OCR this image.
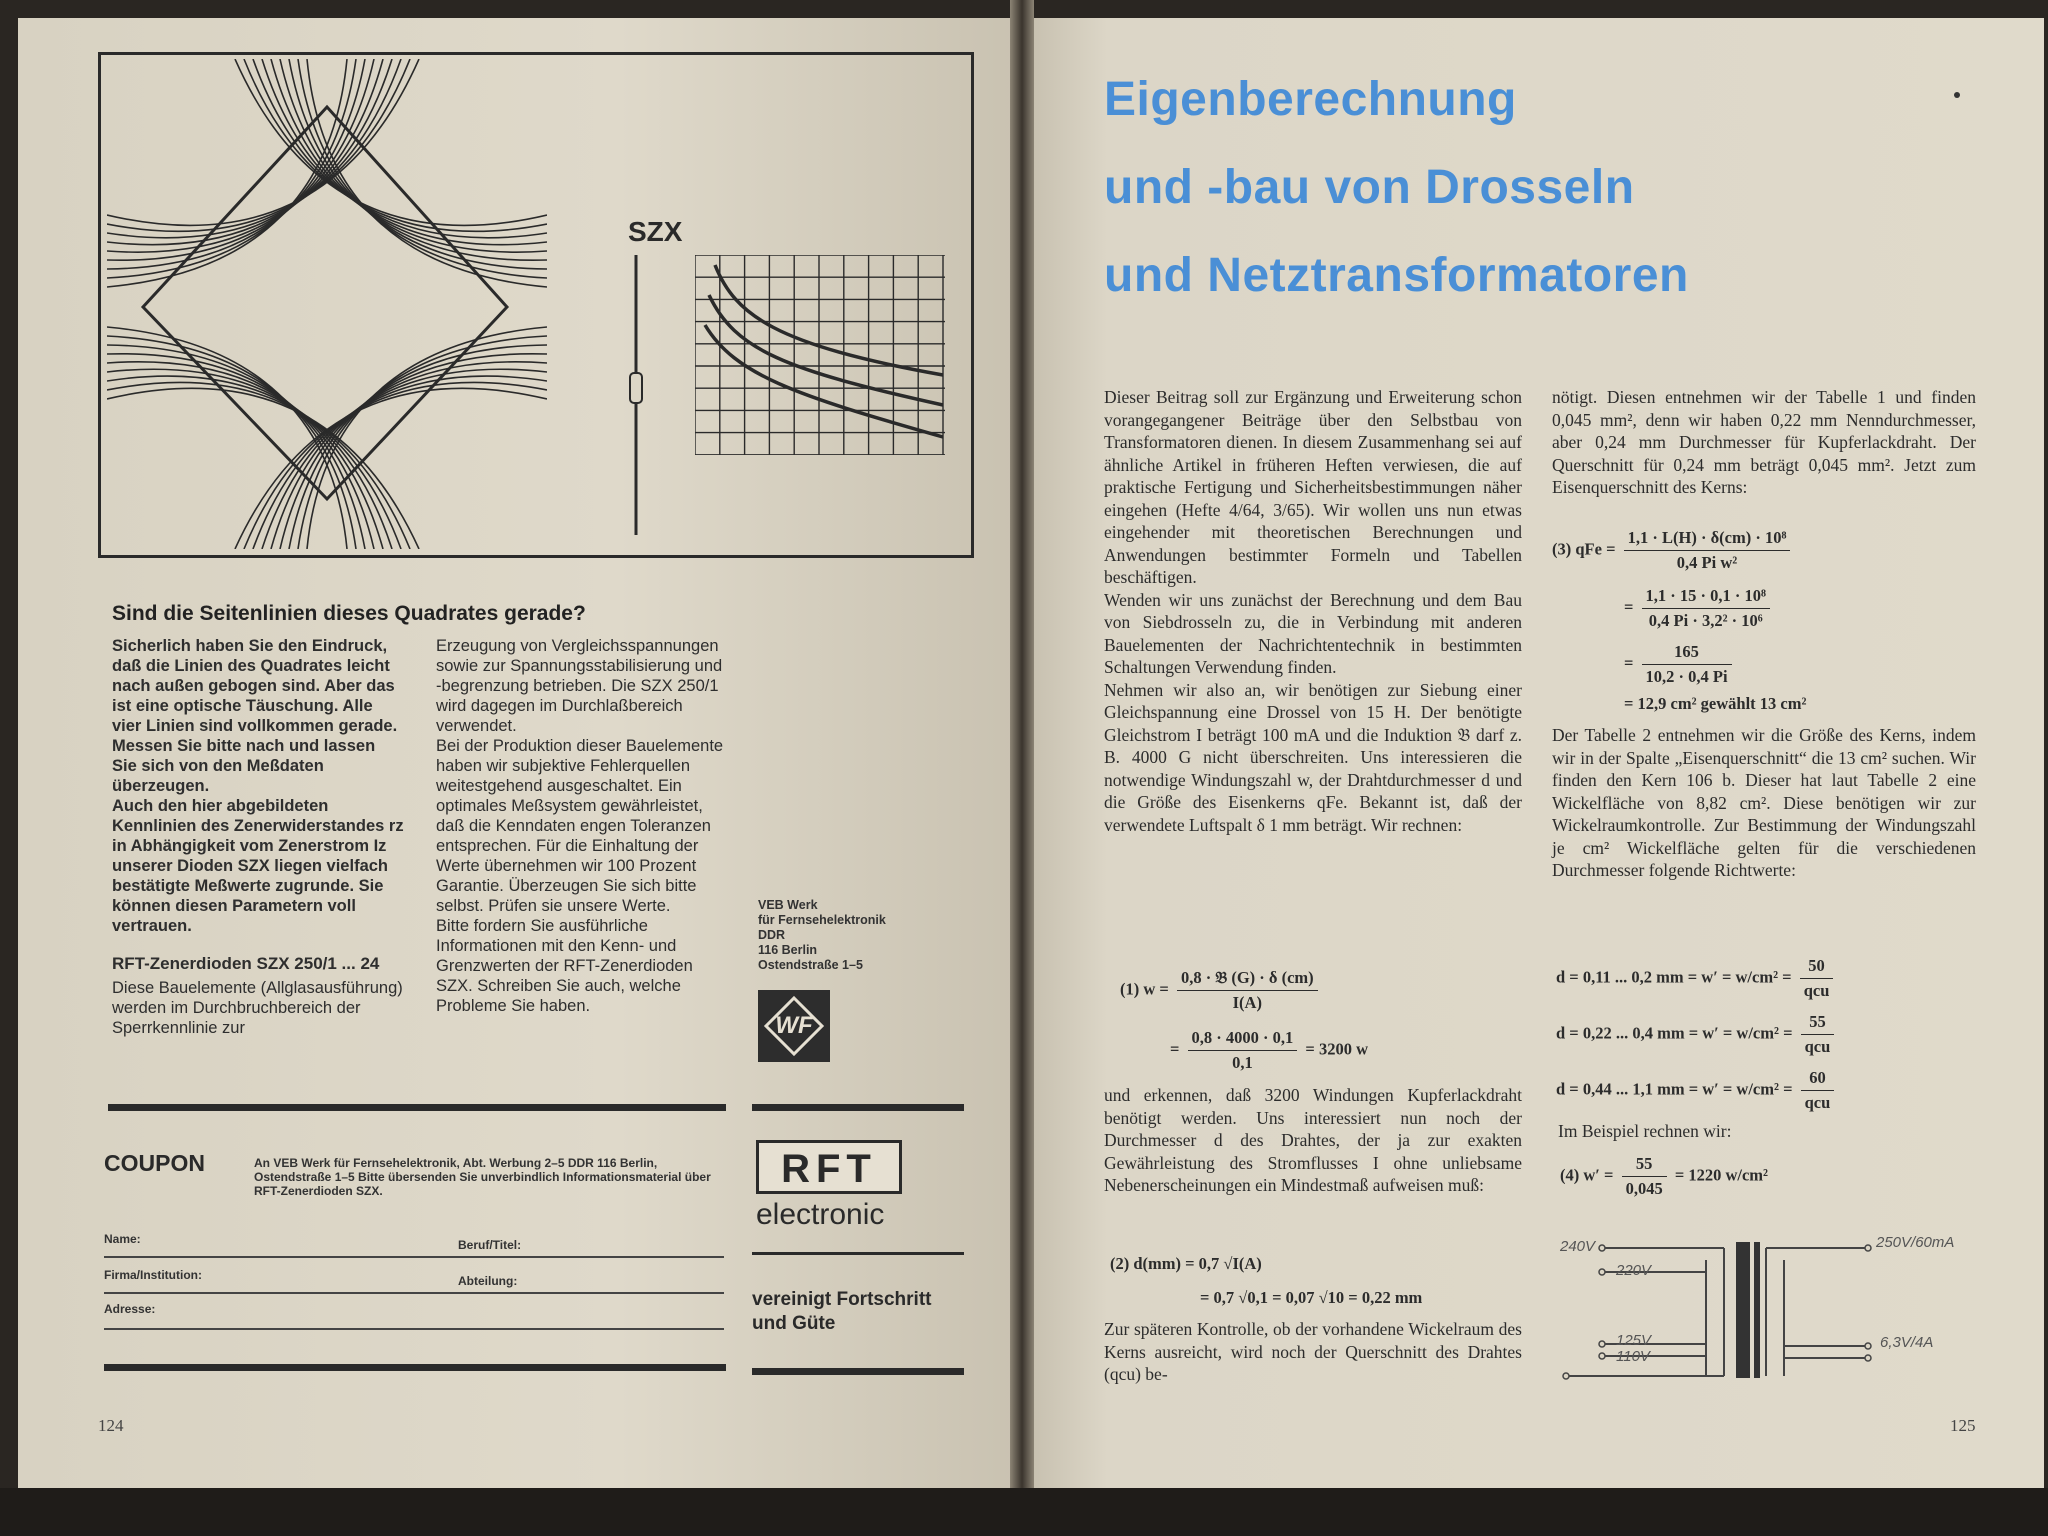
SZX
Sind die Seitenlinien dieses Quadrates gerade?

Sicherlich haben Sie den Eindruck, daß die Linien des Quadrates leicht nach außen gebogen sind. Aber das ist eine optische Täuschung. Alle vier Linien sind vollkommen gerade. Messen Sie bitte nach und lassen Sie sich von den Meßdaten überzeugen.

Auch den hier abgebildeten Kennlinien des Zenerwiderstandes rz in Abhängigkeit vom Zenerstrom Iz unserer Dioden SZX liegen vielfach bestätigte Meßwerte zugrunde. Sie können diesen Parametern voll vertrauen.

RFT-Zenerdioden SZX 250/1 ... 24

Diese Bauelemente (Allglasausführung) werden im Durchbruchbereich der Sperrkennlinie zur

Erzeugung von Vergleichsspannungen sowie zur Spannungsstabilisierung und -begrenzung betrieben. Die SZX 250/1 wird dagegen im Durchlaßbereich verwendet.
Bei der Produktion dieser Bauelemente haben wir subjektive Fehlerquellen weitestgehend ausgeschaltet. Ein optimales Meßsystem gewährleistet, daß die Kenndaten engen Toleranzen entsprechen. Für die Einhaltung der Werte übernehmen wir 100 Prozent Garantie. Überzeugen Sie sich bitte selbst. Prüfen sie unsere Werte.
Bitte fordern Sie ausführliche Informationen mit den Kenn- und Grenzwerten der RFT-Zenerdioden SZX. Schreiben Sie auch, welche Probleme Sie haben.

VEB Werk
für Fernsehelektronik
DDR
116 Berlin
Ostendstraße 1–5
WF
COUPON	An VEB Werk für Fernsehelektronik, Abt. Werbung 2–5 DDR 116 Berlin, Ostendstraße 1–5 Bitte übersenden Sie unverbindlich Informationsmaterial über RFT-Zenerdioden SZX.
Name:	Beruf/Titel:
Firma/Institution:	Abteilung:
Adresse:
RFT
electronic
vereinigt Fortschritt
und Güte
124
Eigenberechnung
und -bau von Drosseln
und Netztransformatoren

Dieser Beitrag soll zur Ergänzung und Erweiterung schon vorangegangener Beiträge über den Selbstbau von Transformatoren dienen. In diesem Zusammenhang sei auf ähnliche Artikel in früheren Heften verwiesen, die auf praktische Fertigung und Sicherheitsbestimmungen näher eingehen (Hefte 4/64, 3/65). Wir wollen uns nun etwas eingehender mit theoretischen Berechnungen und Anwendungen bestimmter Formeln und Tabellen beschäftigen.
Wenden wir uns zunächst der Berechnung und dem Bau von Siebdrosseln zu, die in Verbindung mit anderen Bauelementen der Nachrichtentechnik in bestimmten Schaltungen Verwendung finden.
Nehmen wir also an, wir benötigen zur Siebung einer Gleichspannung eine Drossel von 15 H. Der benötigte Gleichstrom I beträgt 100 mA und die Induktion 𝔅 darf z. B. 4000 G nicht überschreiten. Uns interessieren die notwendige Windungszahl w, der Drahtdurchmesser d und die Größe des Eisenkerns qFe. Bekannt ist, daß der verwendete Luftspalt δ 1 mm beträgt. Wir rechnen:

(1) $w = \frac{\text{0,8 · 𝔅 (G) · δ (cm)}}{I(A)}$
= $\frac{0,8 \cdot 4000 \cdot 0,1}{0,1} = 3200$ w

und erkennen, daß 3200 Windungen Kupferlackdraht benötigt werden. Uns interessiert nun noch der Durchmesser d des Drahtes, der ja zur exakten Gewährleistung des Stromflusses I ohne unliebsame Nebenerscheinungen ein Mindestmaß aufweisen muß:

(2) d(mm) = 0,7 √I(A)
= 0,7 √0,1 = 0,07 √10 = 0,22 mm

Zur späteren Kontrolle, ob der vorhandene Wickelraum des Kerns ausreicht, wird noch der Querschnitt des Drahtes (qcu) be-

nötigt. Diesen entnehmen wir der Tabelle 1 und finden 0,045 mm², denn wir haben 0,22 mm Nenndurchmesser, aber 0,24 mm Durchmesser für Kupferlackdraht. Der Querschnitt für 0,24 mm beträgt 0,045 mm². Jetzt zum Eisenquerschnitt des Kerns:

(3) qFe = $\frac{\text{1,1 · L(H) · δ(cm) · 10⁸}}{\text{0,4 Pi w²}}$
= $\frac{\text{1,1 · 15 · 0,1 · 10⁸}}{\text{0,4 Pi · 3,2² · 10⁶}}$
= $\frac{165}{10,2 \cdot 0,4 Pi}$
= 12,9 cm² gewählt 13 cm²

Der Tabelle 2 entnehmen wir die Größe des Kerns, indem wir in der Spalte „Eisenquerschnitt“ die 13 cm² suchen. Wir finden den Kern 106 b. Dieser hat laut Tabelle 2 eine Wickelfläche von 8,82 cm². Diese benötigen wir zur Wickelraumkontrolle. Zur Bestimmung der Windungszahl je cm² Wickelfläche gelten für die verschiedenen Durchmesser folgende Richtwerte:

d = 0,11 ... 0,2 mm = $w' = w/cm^2 = \frac{50}{\text{qcu}}$
d = 0,22 ... 0,4 mm = $w' = w/cm^2 = \frac{55}{\text{qcu}}$
d = 0,44 ... 1,1 mm = $w' = w/cm^2 = \frac{60}{\text{qcu}}$

Im Beispiel rechnen wir:

(4) $w' = \frac{55}{0,045} = 1220$ w/cm²
240V
220V
125V
110V
250V/60mA
6,3V/4A
125
